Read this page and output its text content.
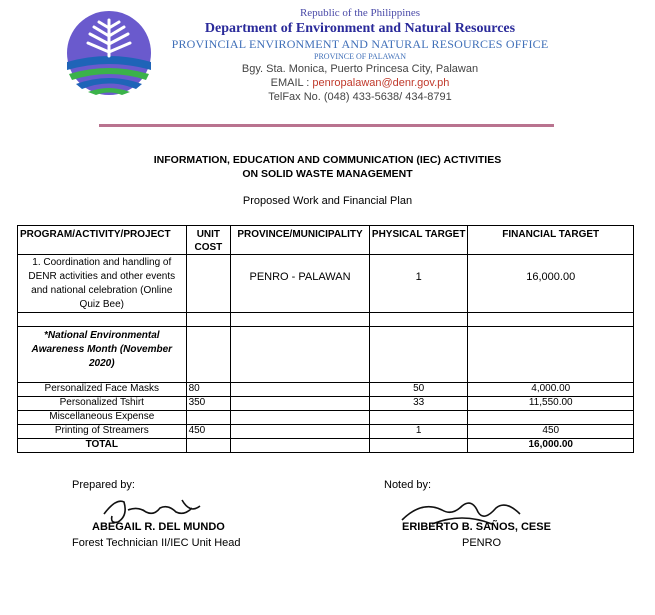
Republic of the Philippines
Department of Environment and Natural Resources
PROVINCIAL ENVIRONMENT AND NATURAL RESOURCES OFFICE
PROVINCE OF PALAWAN
Bgy. Sta. Monica, Puerto Princesa City, Palawan
EMAIL : penropalawan@denr.gov.ph
TelFax No. (048) 433-5638/ 434-8791
INFORMATION, EDUCATION AND COMMUNICATION (IEC) ACTIVITIES
ON SOLID WASTE MANAGEMENT
Proposed Work and Financial Plan
PROGRAM/ACTIVITY/PROJECT	UNIT COST	PROVINCE/MUNICIPALITY	PHYSICAL TARGET	FINANCIAL TARGET
1. Coordination and handling of DENR activities and other events and national celebration (Online Quiz Bee)		PENRO - PALAWAN	1	16,000.00

*National Environmental Awareness Month (November 2020)				
Personalized Face Masks	80		50	4,000.00
Personalized Tshirt	350		33	11,550.00
Miscellaneous Expense				
Printing of Streamers	450		1	450
TOTAL				16,000.00
Prepared by:
ABEGAIL R. DEL MUNDO
Forest Technician II/IEC Unit Head
Noted by:
ERIBERTO B. SAÑOS, CESE
PENRO
